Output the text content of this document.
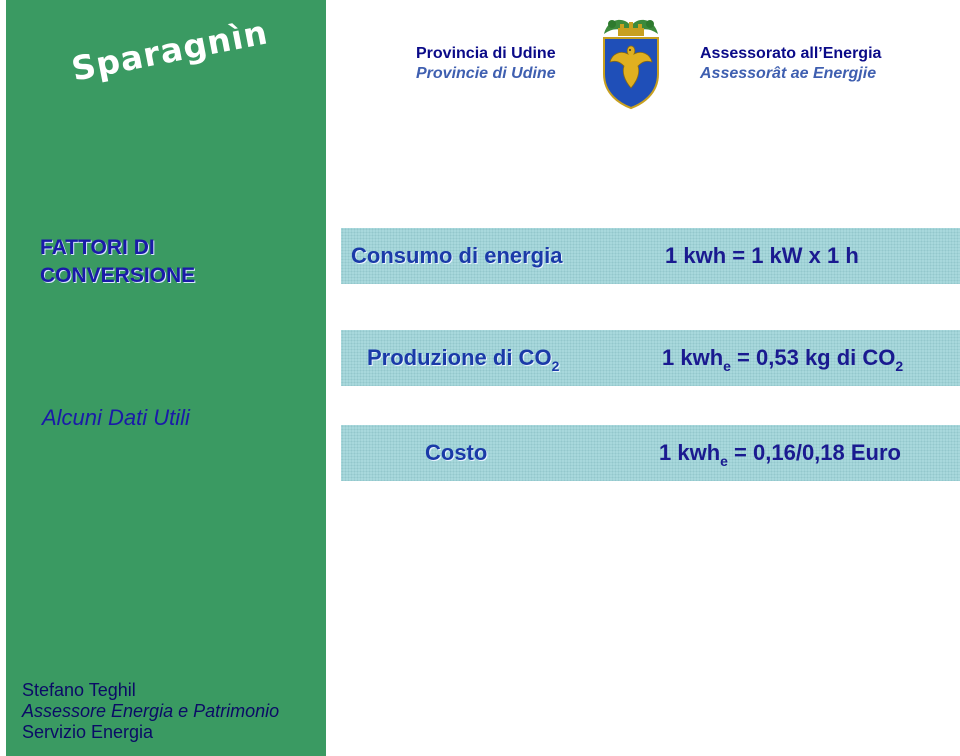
Sparagnìn
FATTORI DI
CONVERSIONE
Alcuni Dati Utili
Stefano Teghil
Assessore Energia e Patrimonio
Servizio Energia
Provincia di Udine
Provincie di Udine
Assessorato all’Energia
Assessorât ae Energjie
Consumo di energia	1 kwh = 1 kW x 1 h
Produzione di $CO_2$	1 kwh$_e$ = 0,53 kg di $CO_2$
Costo	1 kwh$_e$ = 0,16/0,18 Euro
